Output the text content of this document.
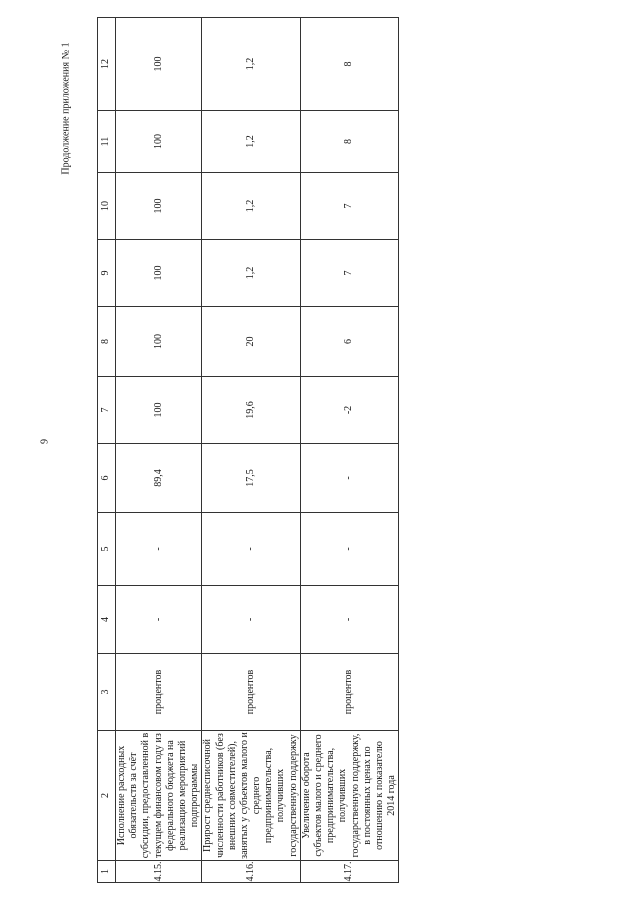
9
Продолжение приложения № 1
1	2	3	4	5	6	7	8	9	10	11	12
4.15.	Исполнение расходных обязательств за счёт субсидии, предоставленной в текущем финансовом году из федерального бюджета на реализацию мероприятий подпрограммы	процентов	-	-	89,4	100	100	100	100	100	100
4.16.	Прирост среднесписочной численности работников (без внешних совместителей), занятых у субъектов малого и среднего предпринимательства, получивших государственную поддержку	процентов	-	-	17,5	19,6	20	1,2	1,2	1,2	1,2
4.17.	Увеличение оборота субъектов малого и среднего предпринимательства, получивших государственную поддержку, в постоянных ценах по отношению к показателю 2014 года	процентов	-	-	-	-2	6	7	7	8	8
